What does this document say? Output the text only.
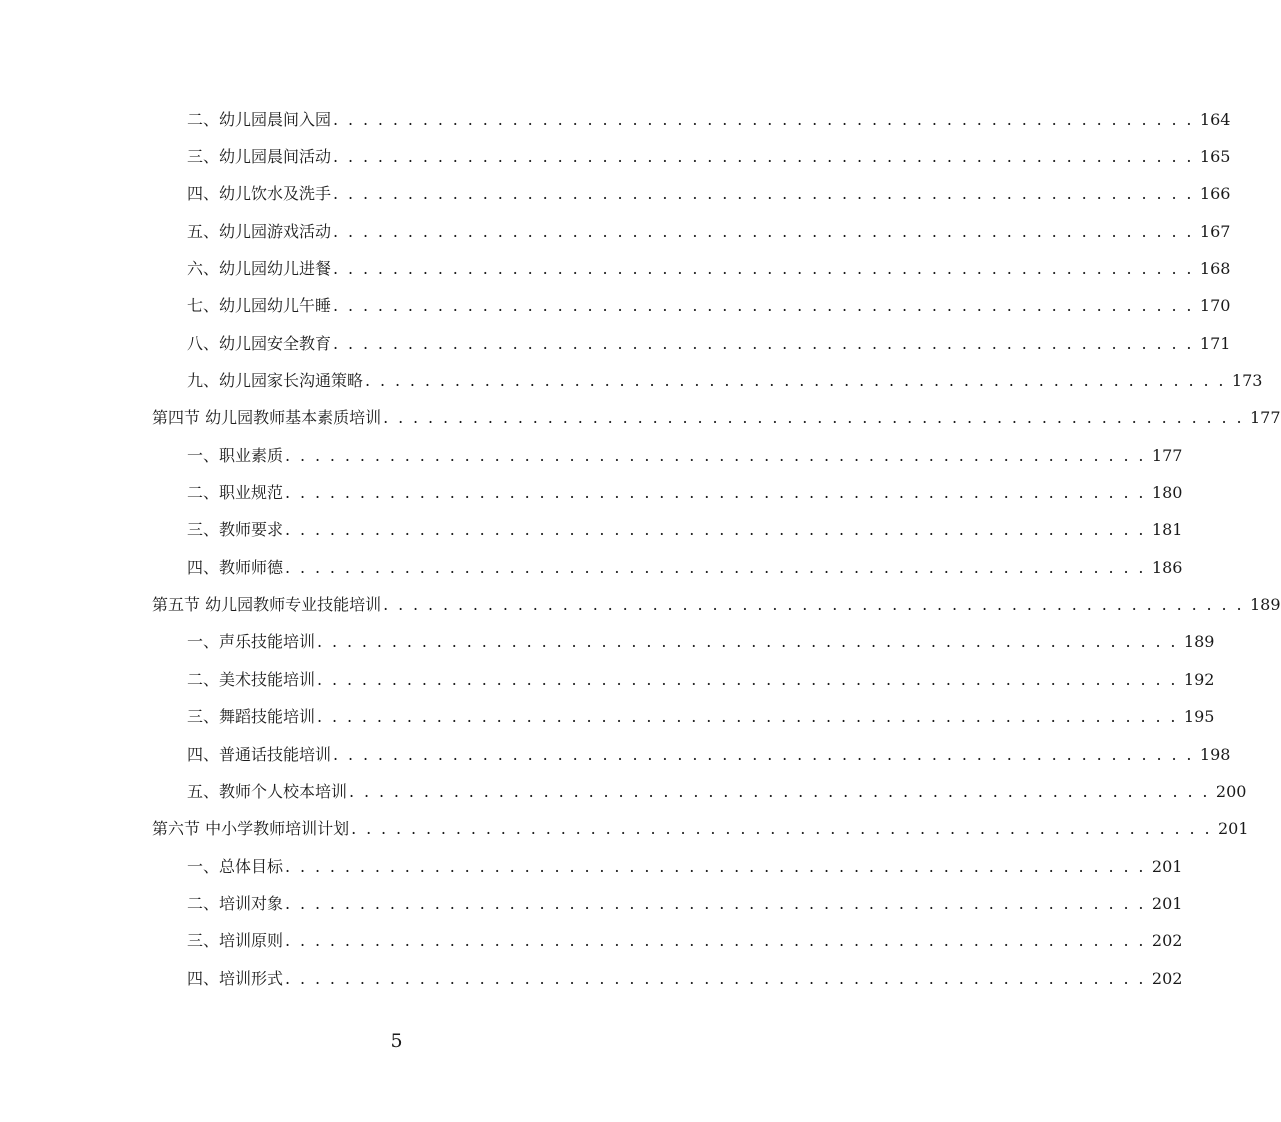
二、幼儿园晨间入园 . . . . . . . . . . . . . . . . . . . . . . . . . . . . . . . . . . . . . . . . . . . . . . . . . . . . . . . . . . 164
三、幼儿园晨间活动 . . . . . . . . . . . . . . . . . . . . . . . . . . . . . . . . . . . . . . . . . . . . . . . . . . . . . . . . . . 165
四、幼儿饮水及洗手 . . . . . . . . . . . . . . . . . . . . . . . . . . . . . . . . . . . . . . . . . . . . . . . . . . . . . . . . . . 166
五、幼儿园游戏活动 . . . . . . . . . . . . . . . . . . . . . . . . . . . . . . . . . . . . . . . . . . . . . . . . . . . . . . . . . . 167
六、幼儿园幼儿进餐 . . . . . . . . . . . . . . . . . . . . . . . . . . . . . . . . . . . . . . . . . . . . . . . . . . . . . . . . . . 168
七、幼儿园幼儿午睡 . . . . . . . . . . . . . . . . . . . . . . . . . . . . . . . . . . . . . . . . . . . . . . . . . . . . . . . . . . 170
八、幼儿园安全教育 . . . . . . . . . . . . . . . . . . . . . . . . . . . . . . . . . . . . . . . . . . . . . . . . . . . . . . . . . . 171
九、幼儿园家长沟通策略 . . . . . . . . . . . . . . . . . . . . . . . . . . . . . . . . . . . . . . . . . . . . . . . . . . . . . . . . . . 173
第四节 幼儿园教师基本素质培训 . . . . . . . . . . . . . . . . . . . . . . . . . . . . . . . . . . . . . . . . . . . . . . . . . . . . . . . . . . 177
一、职业素质 . . . . . . . . . . . . . . . . . . . . . . . . . . . . . . . . . . . . . . . . . . . . . . . . . . . . . . . . . . 177
二、职业规范 . . . . . . . . . . . . . . . . . . . . . . . . . . . . . . . . . . . . . . . . . . . . . . . . . . . . . . . . . . 180
三、教师要求 . . . . . . . . . . . . . . . . . . . . . . . . . . . . . . . . . . . . . . . . . . . . . . . . . . . . . . . . . . 181
四、教师师德 . . . . . . . . . . . . . . . . . . . . . . . . . . . . . . . . . . . . . . . . . . . . . . . . . . . . . . . . . . 186
第五节 幼儿园教师专业技能培训 . . . . . . . . . . . . . . . . . . . . . . . . . . . . . . . . . . . . . . . . . . . . . . . . . . . . . . . . . . 189
一、声乐技能培训 . . . . . . . . . . . . . . . . . . . . . . . . . . . . . . . . . . . . . . . . . . . . . . . . . . . . . . . . . . 189
二、美术技能培训 . . . . . . . . . . . . . . . . . . . . . . . . . . . . . . . . . . . . . . . . . . . . . . . . . . . . . . . . . . 192
三、舞蹈技能培训 . . . . . . . . . . . . . . . . . . . . . . . . . . . . . . . . . . . . . . . . . . . . . . . . . . . . . . . . . . 195
四、普通话技能培训 . . . . . . . . . . . . . . . . . . . . . . . . . . . . . . . . . . . . . . . . . . . . . . . . . . . . . . . . . . 198
五、教师个人校本培训 . . . . . . . . . . . . . . . . . . . . . . . . . . . . . . . . . . . . . . . . . . . . . . . . . . . . . . . . . . 200
第六节 中小学教师培训计划 . . . . . . . . . . . . . . . . . . . . . . . . . . . . . . . . . . . . . . . . . . . . . . . . . . . . . . . . . . 201
一、总体目标 . . . . . . . . . . . . . . . . . . . . . . . . . . . . . . . . . . . . . . . . . . . . . . . . . . . . . . . . . . 201
二、培训对象 . . . . . . . . . . . . . . . . . . . . . . . . . . . . . . . . . . . . . . . . . . . . . . . . . . . . . . . . . . 201
三、培训原则 . . . . . . . . . . . . . . . . . . . . . . . . . . . . . . . . . . . . . . . . . . . . . . . . . . . . . . . . . . 202
四、培训形式 . . . . . . . . . . . . . . . . . . . . . . . . . . . . . . . . . . . . . . . . . . . . . . . . . . . . . . . . . . 202
5
